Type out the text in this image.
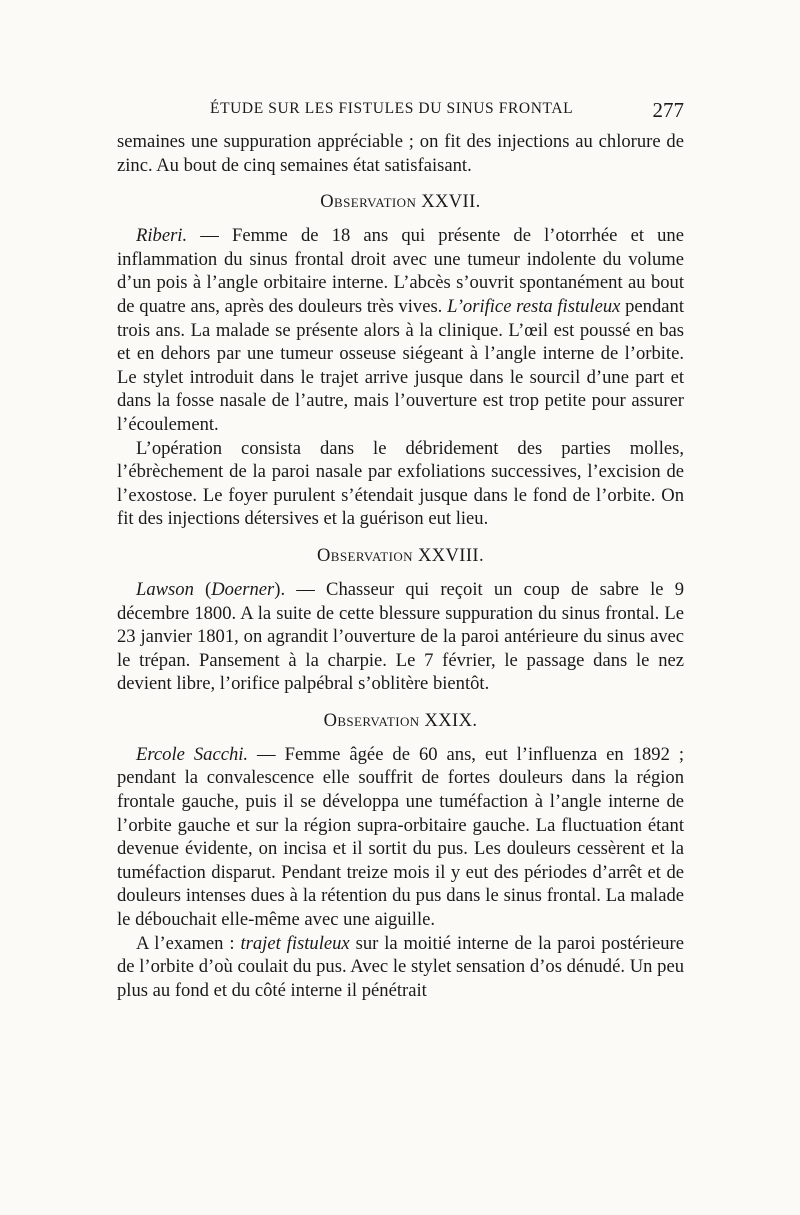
ÉTUDE SUR LES FISTULES DU SINUS FRONTAL	277

semaines une suppuration appréciable ; on fit des injections au chlorure de zinc. Au bout de cinq semaines état satisfaisant.

Observation XXVII.

Riberi. — Femme de 18 ans qui présente de l’otorrhée et une inflammation du sinus frontal droit avec une tumeur indolente du volume d’un pois à l’angle orbitaire interne. L’abcès s’ouvrit spontanément au bout de quatre ans, après des douleurs très vives. L’orifice resta fistuleux pendant trois ans. La malade se présente alors à la clinique. L’œil est poussé en bas et en dehors par une tumeur osseuse siégeant à l’angle interne de l’orbite. Le stylet introduit dans le trajet arrive jusque dans le sourcil d’une part et dans la fosse nasale de l’autre, mais l’ouverture est trop petite pour assurer l’écoulement.

L’opération consista dans le débridement des parties molles, l’ébrèchement de la paroi nasale par exfoliations successives, l’excision de l’exostose. Le foyer purulent s’étendait jusque dans le fond de l’orbite. On fit des injections détersives et la guérison eut lieu.

Observation XXVIII.

Lawson (Doerner). — Chasseur qui reçoit un coup de sabre le 9 décembre 1800. A la suite de cette blessure suppuration du sinus frontal. Le 23 janvier 1801, on agrandit l’ouverture de la paroi antérieure du sinus avec le trépan. Pansement à la charpie. Le 7 février, le passage dans le nez devient libre, l’orifice palpébral s’oblitère bientôt.

Observation XXIX.

Ercole Sacchi. — Femme âgée de 60 ans, eut l’influenza en 1892 ; pendant la convalescence elle souffrit de fortes douleurs dans la région frontale gauche, puis il se développa une tuméfaction à l’angle interne de l’orbite gauche et sur la région supra-orbitaire gauche. La fluctuation étant devenue évidente, on incisa et il sortit du pus. Les douleurs cessèrent et la tuméfaction disparut. Pendant treize mois il y eut des périodes d’arrêt et de douleurs intenses dues à la rétention du pus dans le sinus frontal. La malade le débouchait elle-même avec une aiguille.

A l’examen : trajet fistuleux sur la moitié interne de la paroi postérieure de l’orbite d’où coulait du pus. Avec le stylet sensation d’os dénudé. Un peu plus au fond et du côté interne il pénétrait
